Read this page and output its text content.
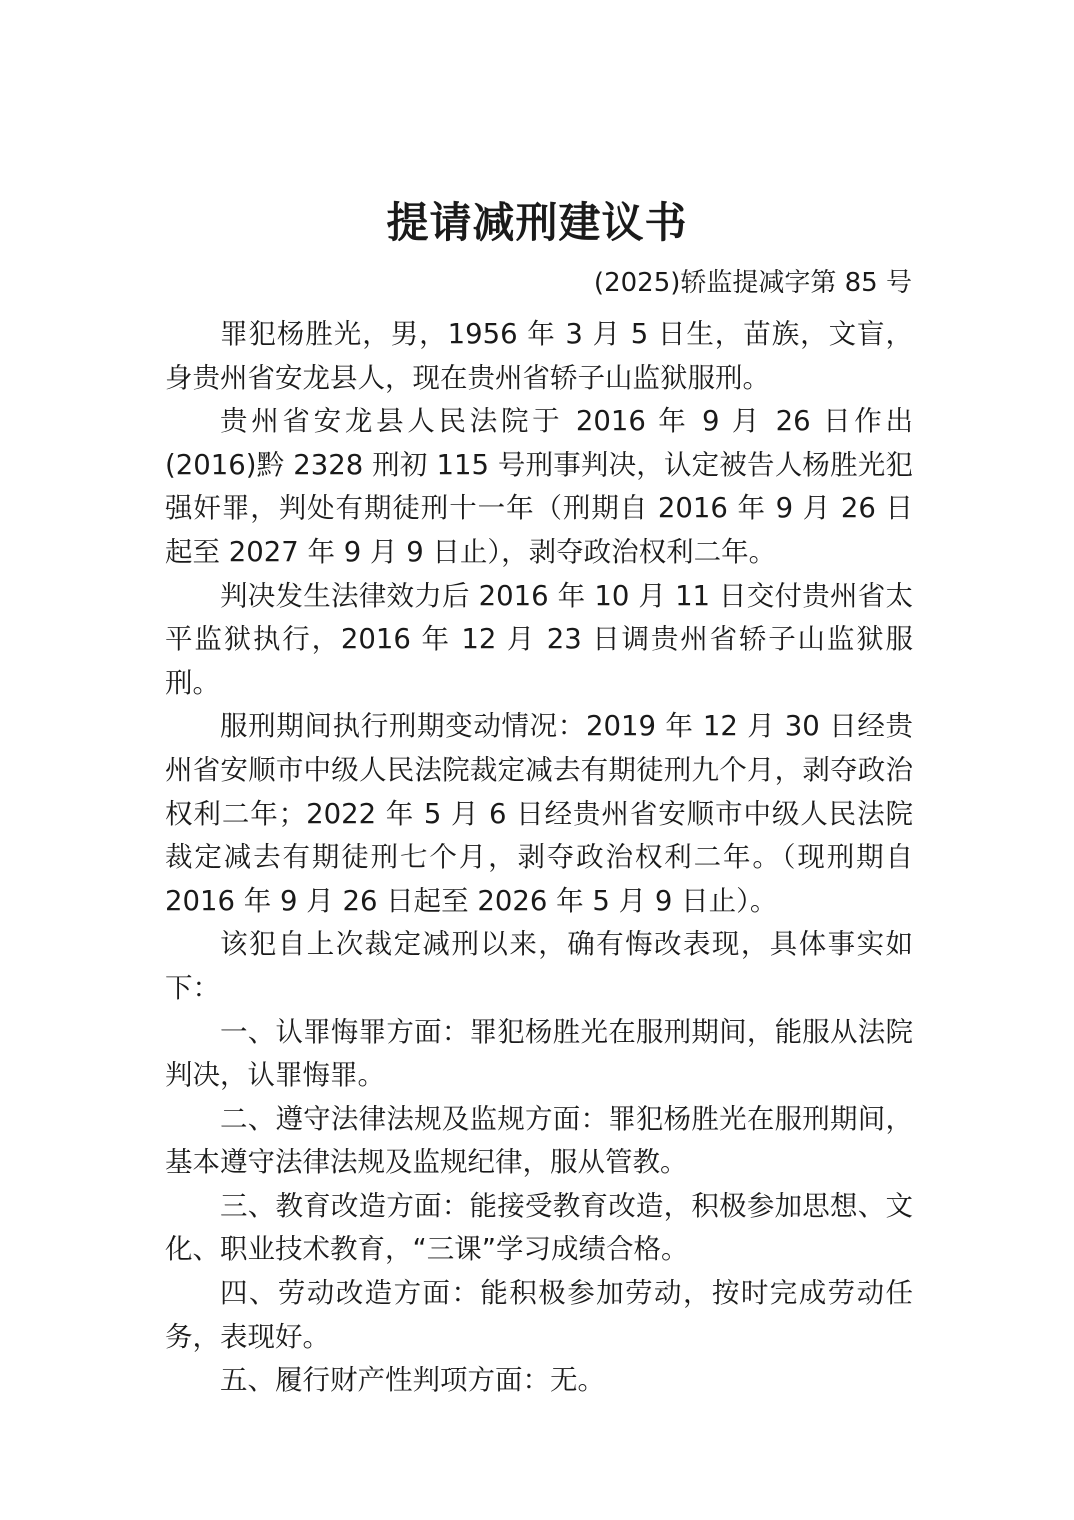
提请减刑建议书
(2025)轿监提减字第 85 号

罪犯杨胜光，男，1956 年 3 月 5 日生，苗族，文盲，身贵州省安龙县人，现在贵州省轿子山监狱服刑。

贵州省安龙县人民法院于 2016 年 9 月 26 日作出(2016)黔 2328 刑初 115 号刑事判决，认定被告人杨胜光犯强奸罪，判处有期徒刑十一年（刑期自 2016 年 9 月 26 日起至 2027 年 9 月 9 日止），剥夺政治权利二年。

判决发生法律效力后 2016 年 10 月 11 日交付贵州省太平监狱执行，2016 年 12 月 23 日调贵州省轿子山监狱服刑。

服刑期间执行刑期变动情况：2019 年 12 月 30 日经贵州省安顺市中级人民法院裁定减去有期徒刑九个月，剥夺政治权利二年；2022 年 5 月 6 日经贵州省安顺市中级人民法院裁定减去有期徒刑七个月，剥夺政治权利二年。（现刑期自 2016 年 9 月 26 日起至 2026 年 5 月 9 日止）。

该犯自上次裁定减刑以来，确有悔改表现，具体事实如下：

一、认罪悔罪方面：罪犯杨胜光在服刑期间，能服从法院判决，认罪悔罪。

二、遵守法律法规及监规方面：罪犯杨胜光在服刑期间，基本遵守法律法规及监规纪律，服从管教。

三、教育改造方面：能接受教育改造，积极参加思想、文化、职业技术教育，“三课”学习成绩合格。

四、劳动改造方面：能积极参加劳动，按时完成劳动任务，表现好。

五、履行财产性判项方面：无。
